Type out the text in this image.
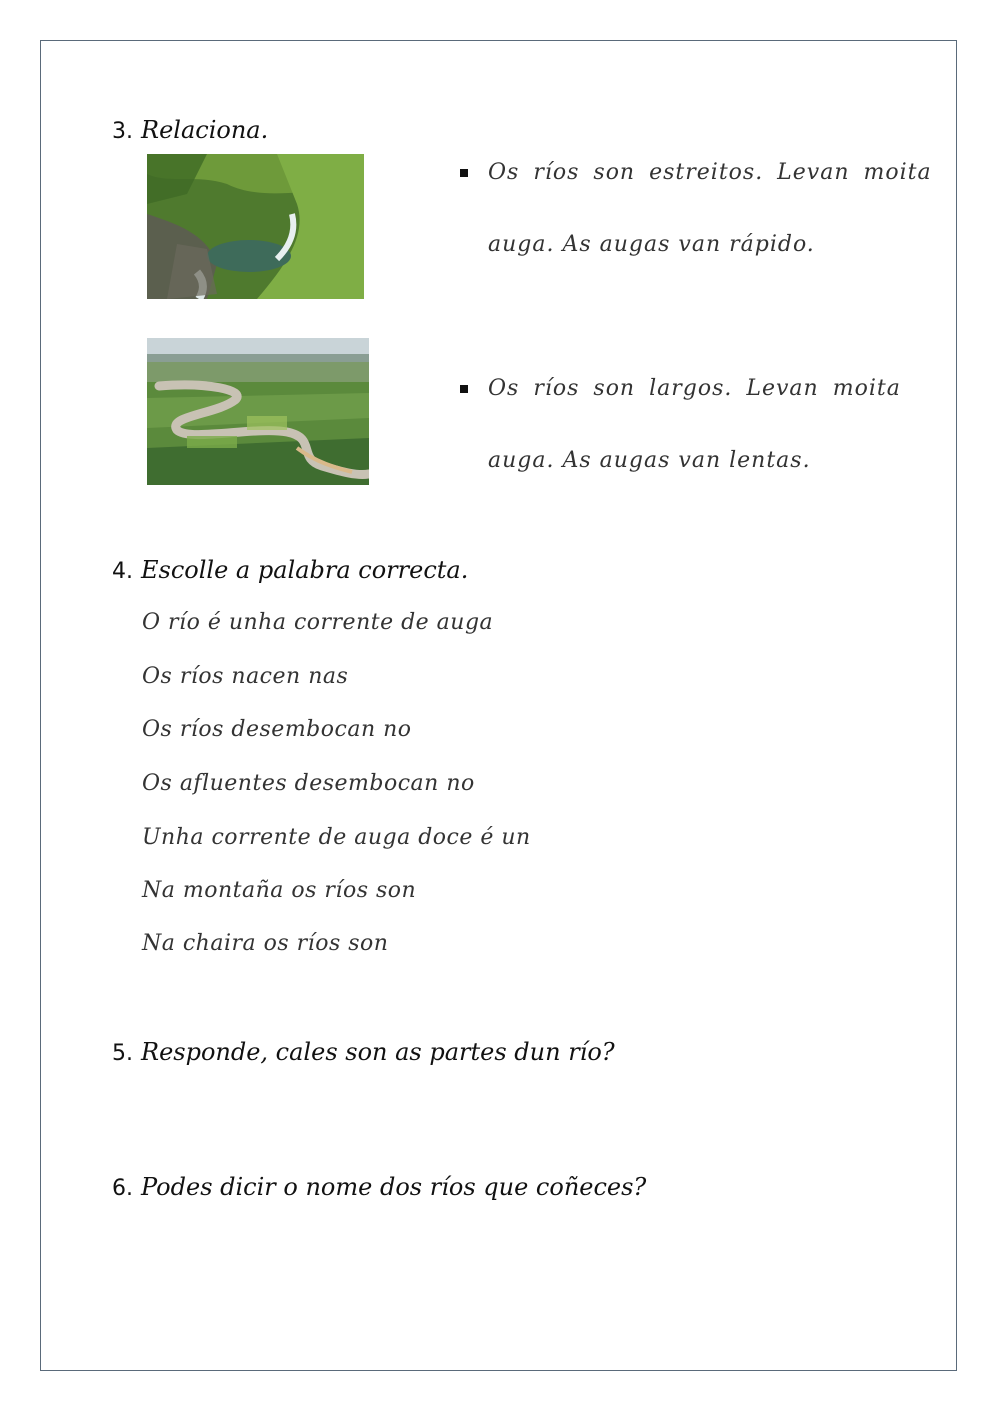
3. Relaciona.
Os ríos son estreitos. Levan moita
auga. As augas van rápido.
Os ríos son largos. Levan moita
auga. As augas van lentas.
4. Escolle a palabra correcta.
O río é unha corrente de auga
Os ríos nacen nas
Os ríos desembocan no
Os afluentes desembocan no
Unha corrente de auga doce é un
Na montaña os ríos son
Na chaira os ríos son
5. Responde, cales son as partes dun río?
6. Podes dicir o nome dos ríos que coñeces?
